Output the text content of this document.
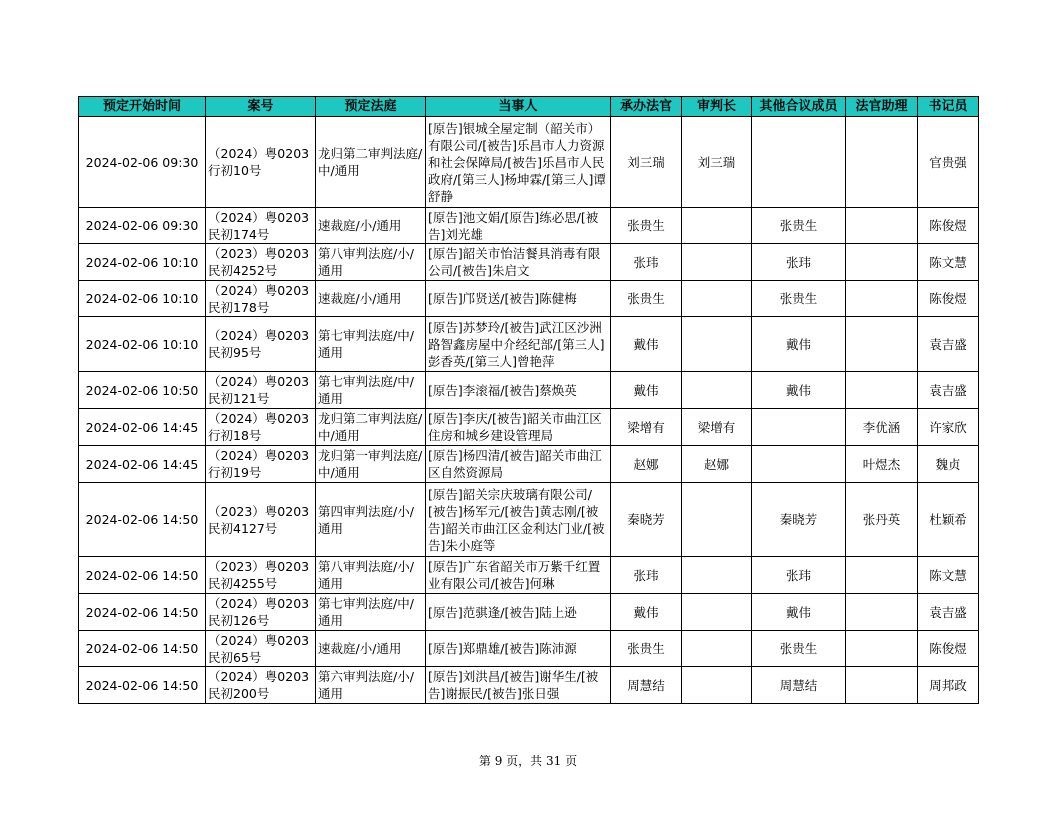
预定开始时间	案号	预定法庭	当事人	承办法官	审判长	其他合议成员	法官助理	书记员
2024-02-06 09:30	（2024）粤0203行初10号	龙归第二审判法庭/中/通用	[原告]银城全屋定制（韶关市）有限公司/[被告]乐昌市人力资源和社会保障局/[被告]乐昌市人民政府/[第三人]杨坤霖/[第三人]谭舒静	刘三瑞	刘三瑞			官贵强
2024-02-06 09:30	（2024）粤0203民初174号	速裁庭/小/通用	[原告]池文娟/[原告]练必思/[被告]刘光雄	张贵生		张贵生		陈俊煜
2024-02-06 10:10	（2023）粤0203民初4252号	第八审判法庭/小/通用	[原告]韶关市怡洁餐具消毒有限公司/[被告]朱启文	张玮		张玮		陈文慧
2024-02-06 10:10	（2024）粤0203民初178号	速裁庭/小/通用	[原告]邝贤送/[被告]陈健梅	张贵生		张贵生		陈俊煜
2024-02-06 10:10	（2024）粤0203民初95号	第七审判法庭/中/通用	[原告]苏梦玲/[被告]武江区沙洲路智鑫房屋中介经纪部/[第三人]彭香英/[第三人]曾艳萍	戴伟		戴伟		袁吉盛
2024-02-06 10:50	（2024）粤0203民初121号	第七审判法庭/中/通用	[原告]李滚福/[被告]蔡焕英	戴伟		戴伟		袁吉盛
2024-02-06 14:45	（2024）粤0203行初18号	龙归第二审判法庭/中/通用	[原告]李庆/[被告]韶关市曲江区住房和城乡建设管理局	梁增有	梁增有		李优涵	许家欣
2024-02-06 14:45	（2024）粤0203行初19号	龙归第一审判法庭/中/通用	[原告]杨四清/[被告]韶关市曲江区自然资源局	赵娜	赵娜		叶煜杰	魏贞
2024-02-06 14:50	（2023）粤0203民初4127号	第四审判法庭/小/通用	[原告]韶关宗庆玻璃有限公司/[被告]杨军元/[被告]黄志刚/[被告]韶关市曲江区金利达门业/[被告]朱小庭等	秦晓芳		秦晓芳	张丹英	杜颖希
2024-02-06 14:50	（2023）粤0203民初4255号	第八审判法庭/小/通用	[原告]广东省韶关市万紫千红置业有限公司/[被告]何琳	张玮		张玮		陈文慧
2024-02-06 14:50	（2024）粤0203民初126号	第七审判法庭/中/通用	[原告]范骐逢/[被告]陆上逊	戴伟		戴伟		袁吉盛
2024-02-06 14:50	（2024）粤0203民初65号	速裁庭/小/通用	[原告]郑鼎雄/[被告]陈沛源	张贵生		张贵生		陈俊煜
2024-02-06 14:50	（2024）粤0203民初200号	第六审判法庭/小/通用	[原告]刘洪昌/[被告]谢华生/[被告]谢振民/[被告]张日强	周慧结		周慧结		周邦政
第 9 页，共 31 页
